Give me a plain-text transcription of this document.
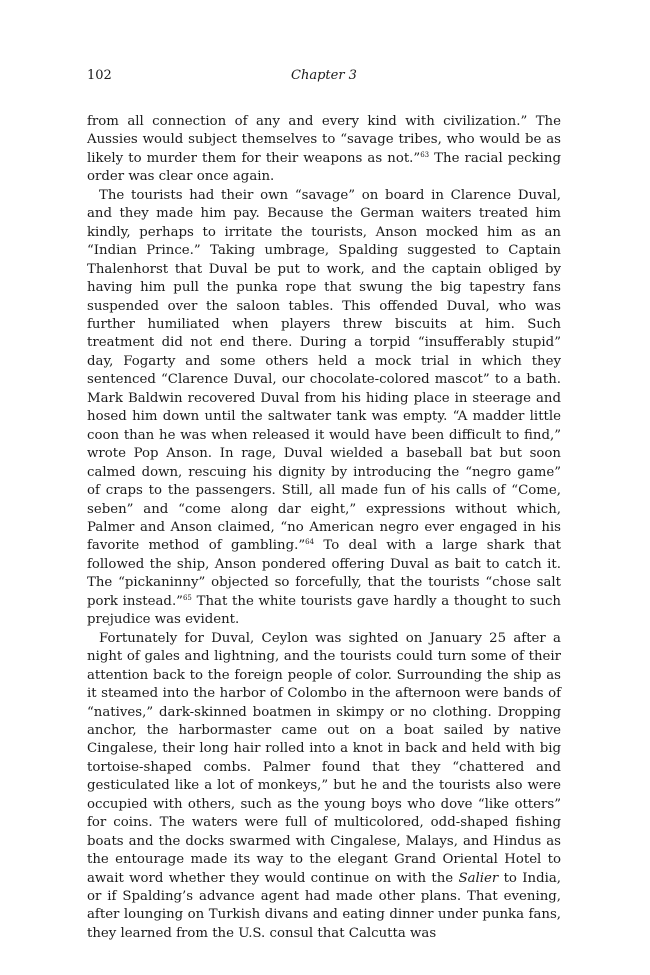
102	Chapter 3

from all connection of any and every kind with civilization.” The Aussies would subject themselves to “savage tribes, who would be as likely to murder them for their weapons as not.”$^{63}$ The racial pecking order was clear once again.

The tourists had their own “savage” on board in Clarence Duval, and they made him pay. Because the German waiters treated him kindly, perhaps to irritate the tourists, Anson mocked him as an “Indian Prince.” Taking umbrage, Spalding suggested to Captain Thalenhorst that Duval be put to work, and the captain obliged by having him pull the punka rope that swung the big tapestry fans suspended over the saloon tables. This offended Duval, who was further humiliated when players threw biscuits at him. Such treatment did not end there. During a torpid “insufferably stupid” day, Fogarty and some others held a mock trial in which they sentenced “Clarence Duval, our chocolate-colored mascot” to a bath. Mark Baldwin recovered Duval from his hiding place in steerage and hosed him down until the saltwater tank was empty. “A madder little coon than he was when released it would have been difficult to find,” wrote Pop Anson. In rage, Duval wielded a baseball bat but soon calmed down, rescuing his dignity by introducing the “negro game” of craps to the passengers. Still, all made fun of his calls of “Come, seben” and “come along dar eight,” expressions without which, Palmer and Anson claimed, “no American negro ever engaged in his favorite method of gambling.”$^{64}$ To deal with a large shark that followed the ship, Anson pondered offering Duval as bait to catch it. The “pickaninny” objected so forcefully, that the tourists “chose salt pork instead.”$^{65}$ That the white tourists gave hardly a thought to such prejudice was evident.

Fortunately for Duval, Ceylon was sighted on January 25 after a night of gales and lightning, and the tourists could turn some of their attention back to the foreign people of color. Surrounding the ship as it steamed into the harbor of Colombo in the afternoon were bands of “natives,” dark-skinned boatmen in skimpy or no clothing. Dropping anchor, the harbormaster came out on a boat sailed by native Cingalese, their long hair rolled into a knot in back and held with big tortoise-shaped combs. Palmer found that they “chattered and gesticulated like a lot of monkeys,” but he and the tourists also were occupied with others, such as the young boys who dove “like otters” for coins. The waters were full of multicolored, odd-shaped fishing boats and the docks swarmed with Cingalese, Malays, and Hindus as the entourage made its way to the elegant Grand Oriental Hotel to await word whether they would continue on with the Salier to India, or if Spalding’s advance agent had made other plans. That evening, after lounging on Turkish divans and eating dinner under punka fans, they learned from the U.S. consul that Calcutta was
